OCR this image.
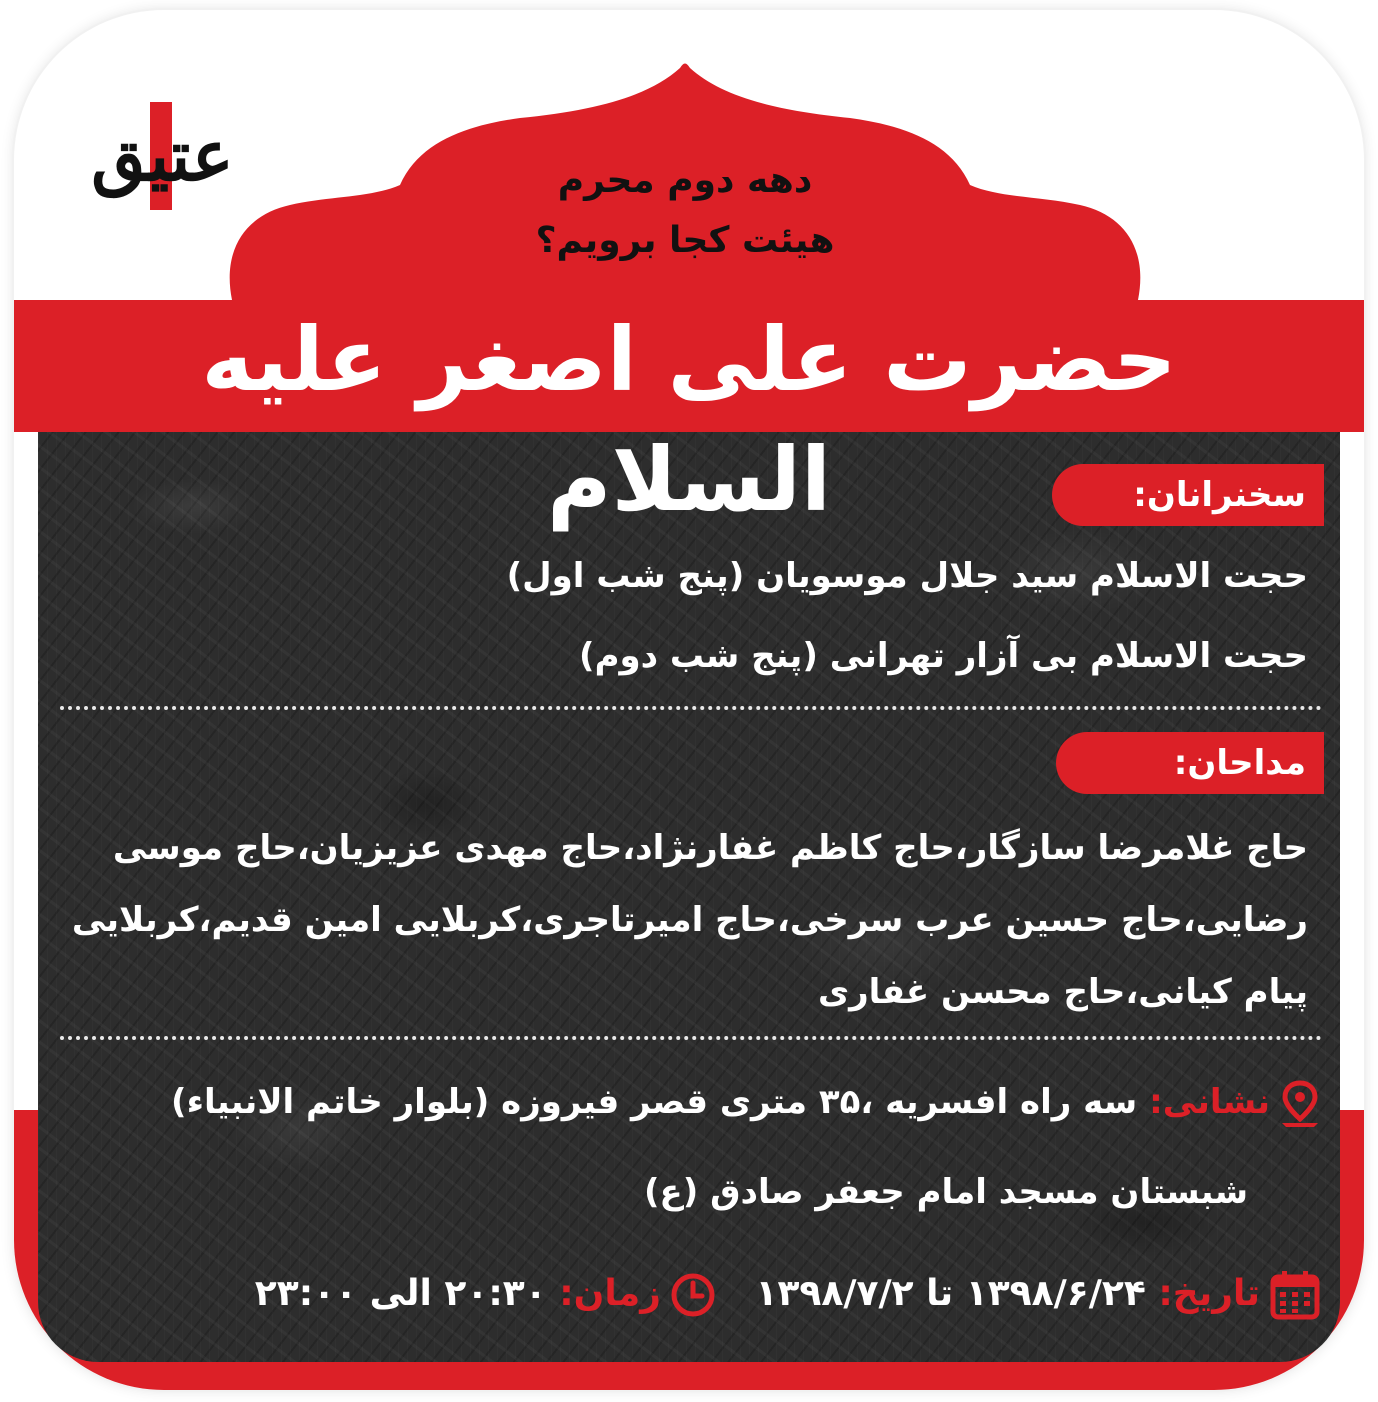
عتیق	دهه دوم محرم
هیئت کجا برویم؟
حضرت علی اصغر علیه السلام	سخنرانان:
حجت الاسلام سید جلال موسویان (پنج شب اول)
حجت الاسلام بی آزار تهرانی (پنج شب دوم)
مداحان:
حاج غلامرضا سازگار،حاج کاظم غفارنژاد،حاج مهدی عزیزیان،حاج موسی رضایی،حاج حسین عرب سرخی،حاج امیرتاجری،کربلایی امین قدیم،کربلایی پیام کیانی،حاج محسن غفاری
نشانی: سه راه افسریه ،۳۵ متری قصر فیروزه (بلوار خاتم الانبیاء)
شبستان مسجد امام جعفر صادق (ع)
تاریخ: ۱۳۹۸/۶/۲۴ تا ۱۳۹۸/۷/۲ زمان: ۲۰:۳۰ الی ۲۳:۰۰
